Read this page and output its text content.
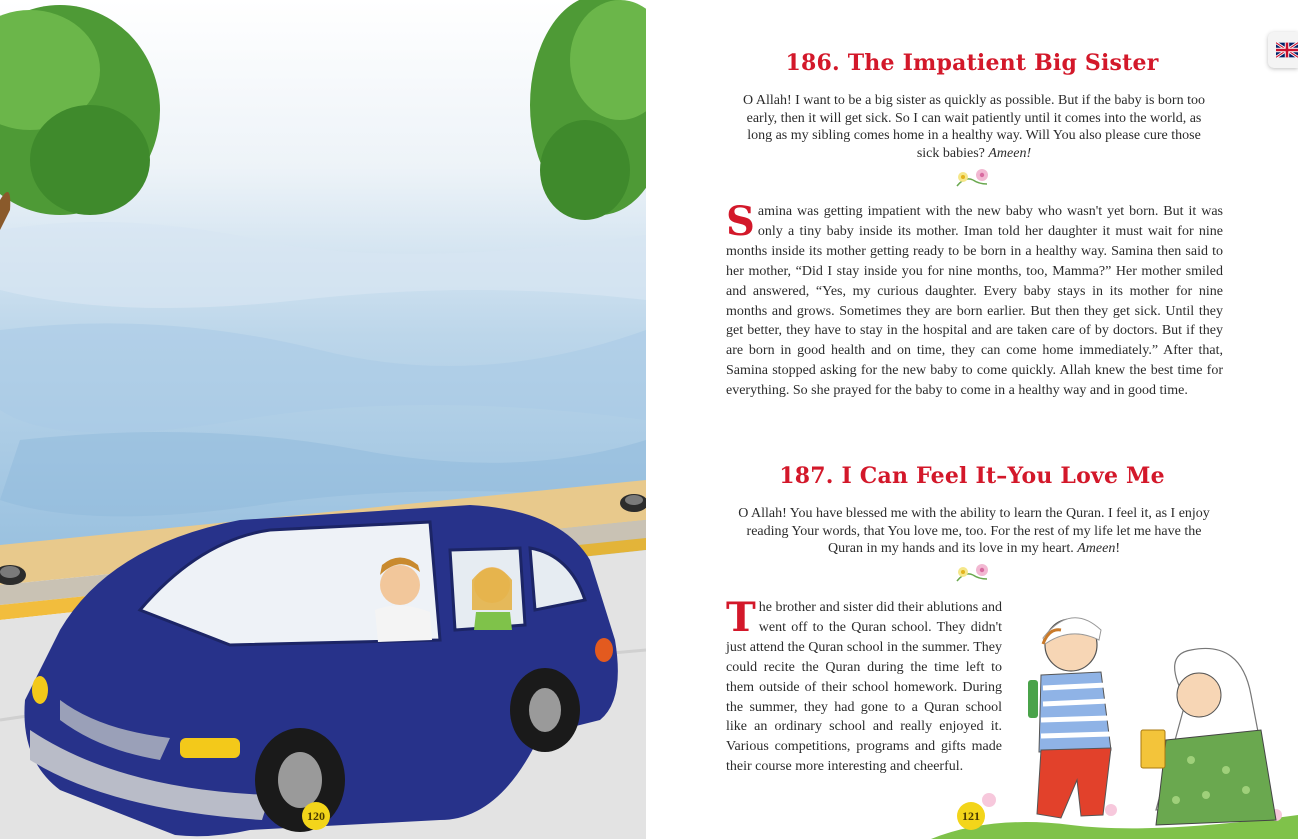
120
186. The Impatient Big Sister

O Allah! I want to be a big sister as quickly as possible. But if the baby is born too early, then it will get sick. So I can wait patiently until it comes into the world, as long as my sibling comes home in a healthy way. Will You also please cure those sick babies? Ameen!

Samina was getting impatient with the new baby who wasn't yet born. But it was only a tiny baby inside its mother. Iman told her daughter it must wait for nine months inside its mother getting ready to be born in a healthy way. Samina then said to her mother, “Did I stay inside you for nine months, too, Mamma?” Her mother smiled and answered, “Yes, my curious daughter. Every baby stays in its mother for nine months and grows. Sometimes they are born earlier. But then they get sick. Until they get better, they have to stay in the hospital and are taken care of by doctors. But if they are born in good health and on time, they can come home immediately.” After that, Samina stopped asking for the new baby to come quickly. Allah knew the best time for everything. So she prayed for the baby to come in a healthy way and in good time.

187. I Can Feel It–You Love Me

O Allah! You have blessed me with the ability to learn the Quran. I feel it, as I enjoy reading Your words, that You love me, too. For the rest of my life let me have the Quran in my hands and its love in my heart. Ameen!

The brother and sister did their ablutions and went off to the Quran school. They didn't just attend the Quran school in the summer. They could recite the Quran during the time left to them outside of their school homework. During the summer, they had gone to a Quran school like an ordinary school and really enjoyed it. Various competitions, programs and gifts made their course more interesting and cheerful.

121
